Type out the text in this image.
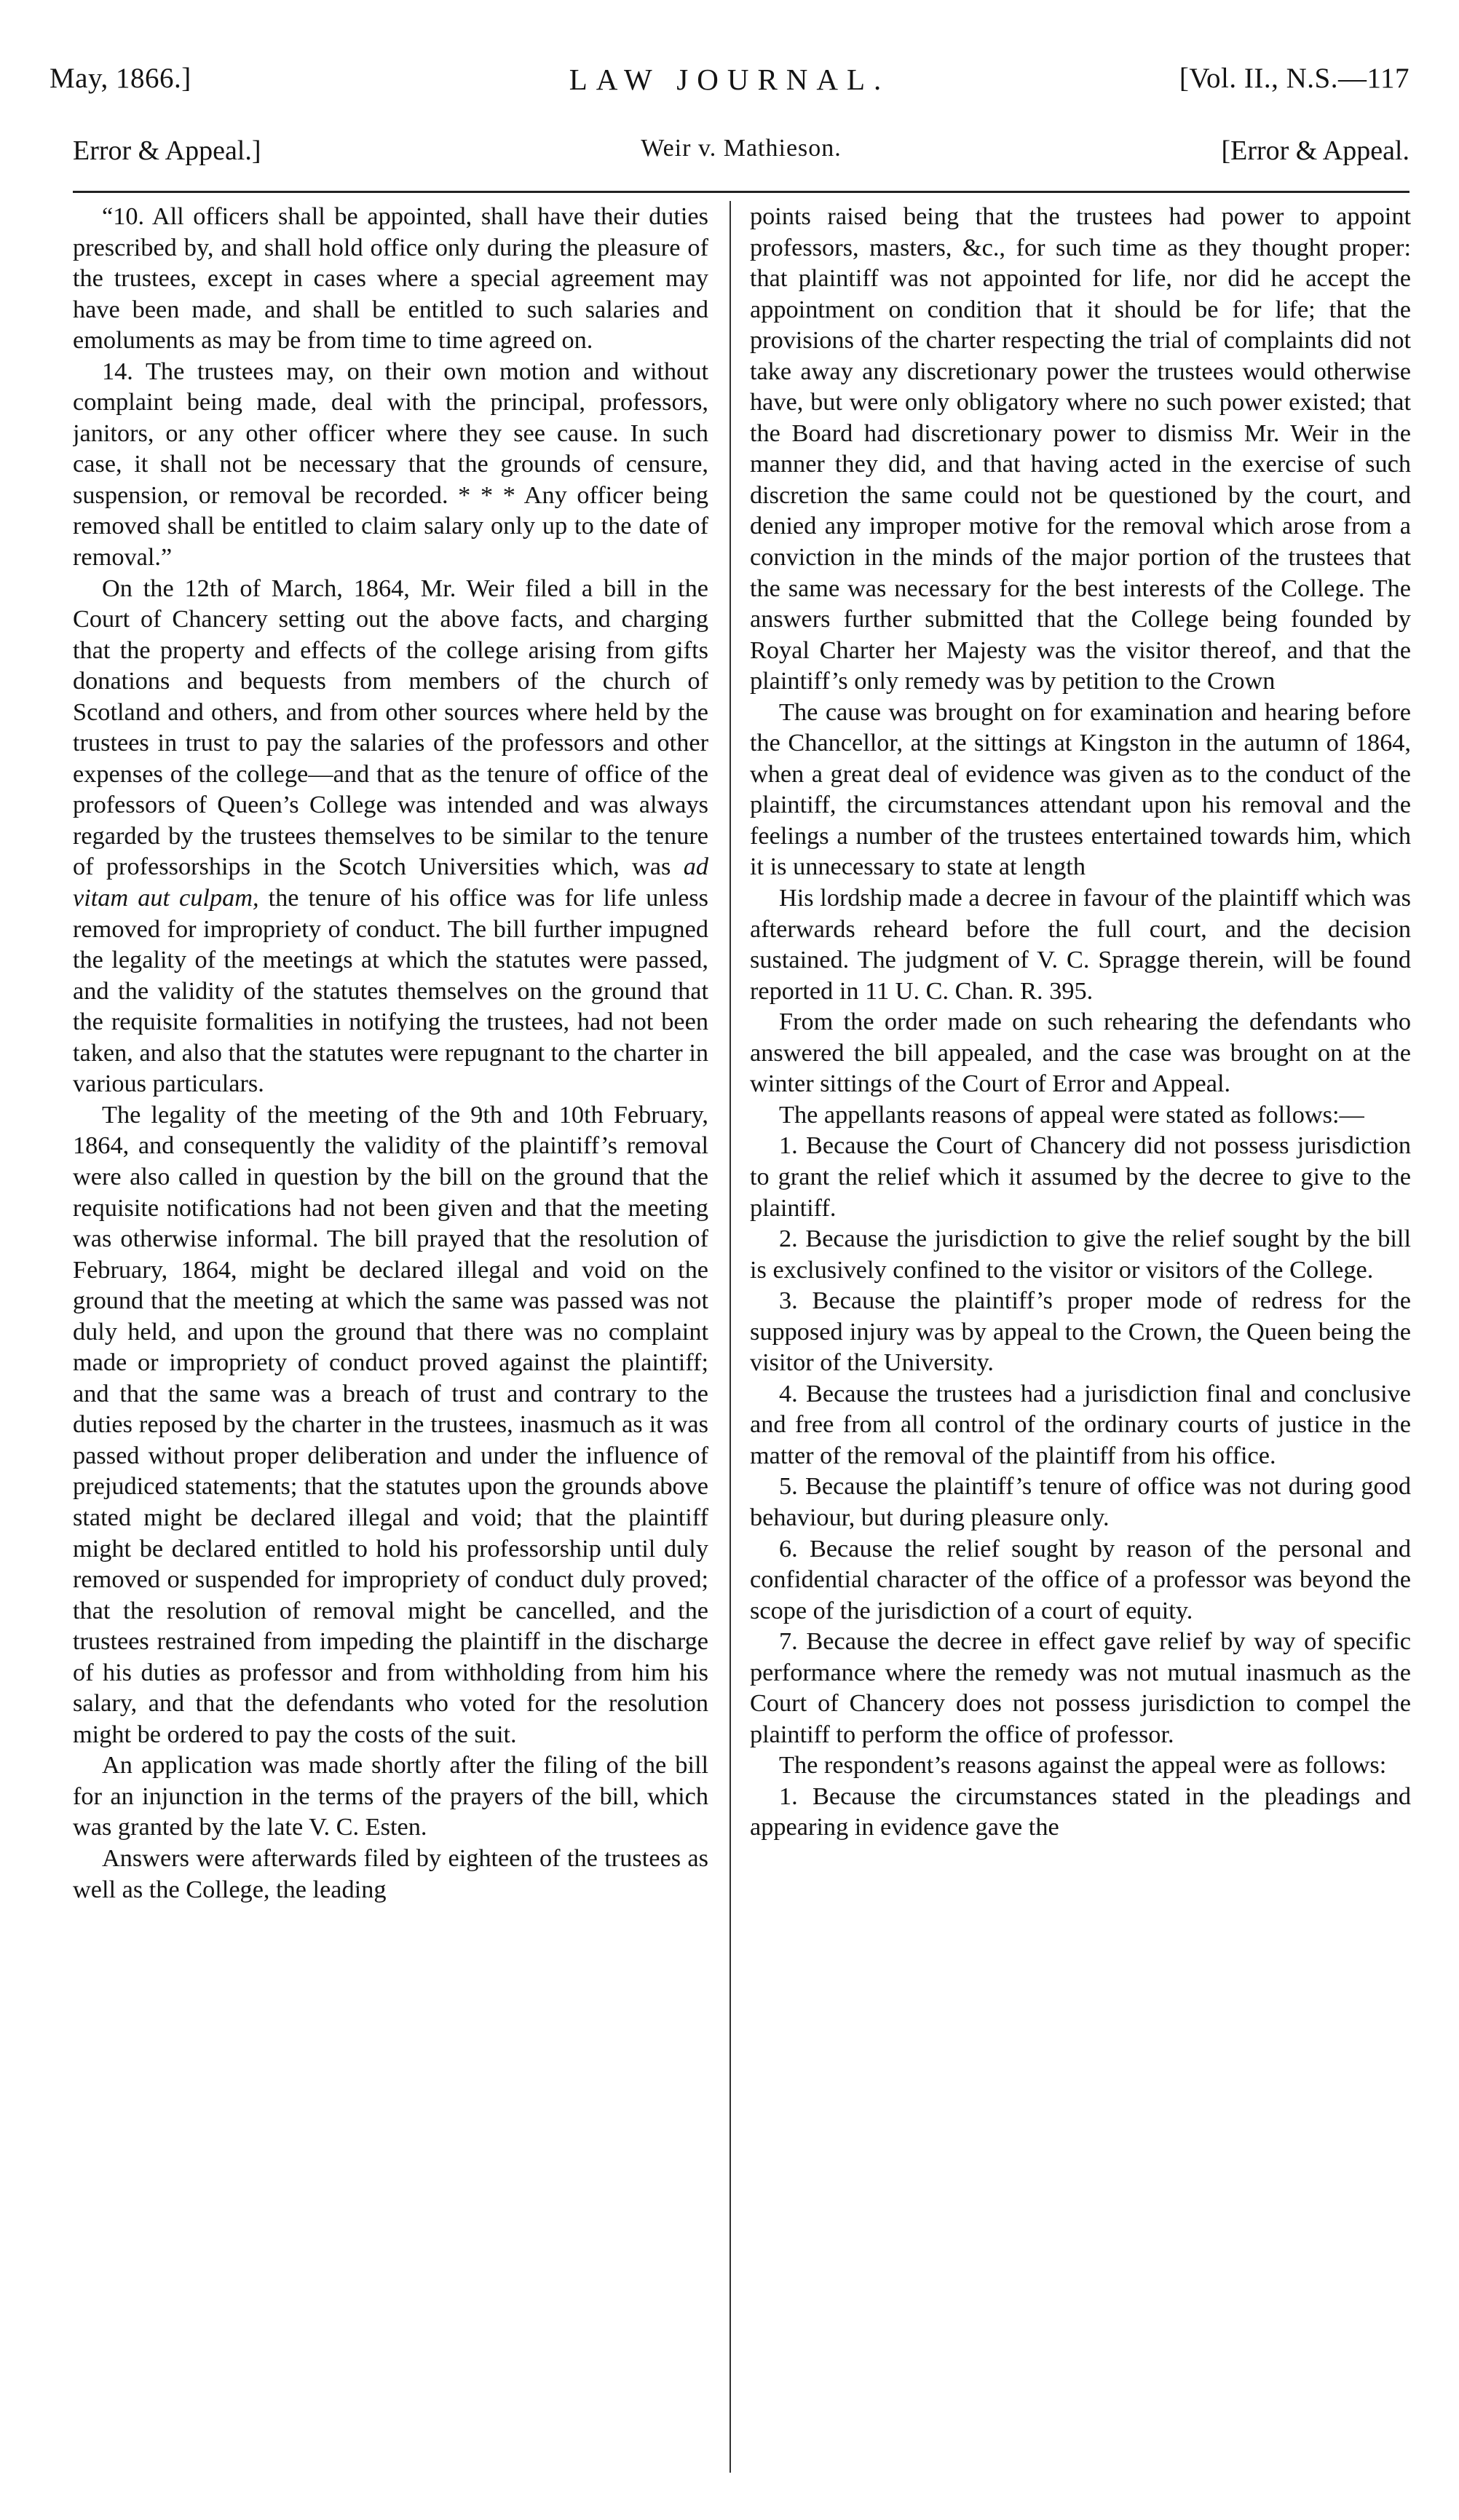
May, 1866.]	LAW JOURNAL.	[Vol. II., N.S.—117
Error & Appeal.]	Weir v. Mathieson.	[Error & Appeal.

“10. All officers shall be appointed, shall have their duties prescribed by, and shall hold office only during the pleasure of the trustees, except in cases where a special agreement may have been made, and shall be entitled to such salaries and emoluments as may be from time to time agreed on.

14. The trustees may, on their own motion and without complaint being made, deal with the principal, professors, janitors, or any other officer where they see cause. In such case, it shall not be necessary that the grounds of censure, suspension, or removal be recorded. * * * Any officer being removed shall be entitled to claim salary only up to the date of removal.”

On the 12th of March, 1864, Mr. Weir filed a bill in the Court of Chancery setting out the above facts, and charging that the property and effects of the college arising from gifts donations and bequests from members of the church of Scotland and others, and from other sources where held by the trustees in trust to pay the salaries of the professors and other expenses of the college—and that as the tenure of office of the professors of Queen’s College was intended and was always regarded by the trustees themselves to be similar to the tenure of professorships in the Scotch Universities which, was ad vitam aut culpam, the tenure of his office was for life unless removed for impropriety of conduct. The bill further impugned the legality of the meetings at which the statutes were passed, and the validity of the statutes themselves on the ground that the requisite formalities in notifying the trustees, had not been taken, and also that the statutes were repugnant to the charter in various particulars.

The legality of the meeting of the 9th and 10th February, 1864, and consequently the validity of the plaintiff’s removal were also called in question by the bill on the ground that the requisite notifications had not been given and that the meeting was otherwise informal. The bill prayed that the resolution of February, 1864, might be declared illegal and void on the ground that the meeting at which the same was passed was not duly held, and upon the ground that there was no complaint made or impropriety of conduct proved against the plaintiff; and that the same was a breach of trust and contrary to the duties reposed by the charter in the trustees, inasmuch as it was passed without proper deliberation and under the influence of prejudiced statements; that the statutes upon the grounds above stated might be declared illegal and void; that the plaintiff might be declared entitled to hold his professorship until duly removed or suspended for impropriety of conduct duly proved; that the resolution of removal might be cancelled, and the trustees restrained from impeding the plaintiff in the discharge of his duties as professor and from withholding from him his salary, and that the defendants who voted for the resolution might be ordered to pay the costs of the suit.

An application was made shortly after the filing of the bill for an injunction in the terms of the prayers of the bill, which was granted by the late V. C. Esten.

Answers were afterwards filed by eighteen of the trustees as well as the College, the leading

points raised being that the trustees had power to appoint professors, masters, &c., for such time as they thought proper: that plaintiff was not appointed for life, nor did he accept the appointment on condition that it should be for life; that the provisions of the charter respecting the trial of complaints did not take away any discretionary power the trustees would otherwise have, but were only obligatory where no such power existed; that the Board had discretionary power to dismiss Mr. Weir in the manner they did, and that having acted in the exercise of such discretion the same could not be questioned by the court, and denied any improper motive for the removal which arose from a conviction in the minds of the major portion of the trustees that the same was necessary for the best interests of the College. The answers further submitted that the College being founded by Royal Charter her Majesty was the visitor thereof, and that the plaintiff’s only remedy was by petition to the Crown

The cause was brought on for examination and hearing before the Chancellor, at the sittings at Kingston in the autumn of 1864, when a great deal of evidence was given as to the conduct of the plaintiff, the circumstances attendant upon his removal and the feelings a number of the trustees entertained towards him, which it is unnecessary to state at length

His lordship made a decree in favour of the plaintiff which was afterwards reheard before the full court, and the decision sustained. The judgment of V. C. Spragge therein, will be found reported in 11 U. C. Chan. R. 395.

From the order made on such rehearing the defendants who answered the bill appealed, and the case was brought on at the winter sittings of the Court of Error and Appeal.

The appellants reasons of appeal were stated as follows:—

1. Because the Court of Chancery did not possess jurisdiction to grant the relief which it assumed by the decree to give to the plaintiff.

2. Because the jurisdiction to give the relief sought by the bill is exclusively confined to the visitor or visitors of the College.

3. Because the plaintiff’s proper mode of redress for the supposed injury was by appeal to the Crown, the Queen being the visitor of the University.

4. Because the trustees had a jurisdiction final and conclusive and free from all control of the ordinary courts of justice in the matter of the removal of the plaintiff from his office.

5. Because the plaintiff’s tenure of office was not during good behaviour, but during pleasure only.

6. Because the relief sought by reason of the personal and confidential character of the office of a professor was beyond the scope of the jurisdiction of a court of equity.

7. Because the decree in effect gave relief by way of specific performance where the remedy was not mutual inasmuch as the Court of Chancery does not possess jurisdiction to compel the plaintiff to perform the office of professor.

The respondent’s reasons against the appeal were as follows:

1. Because the circumstances stated in the pleadings and appearing in evidence gave the
